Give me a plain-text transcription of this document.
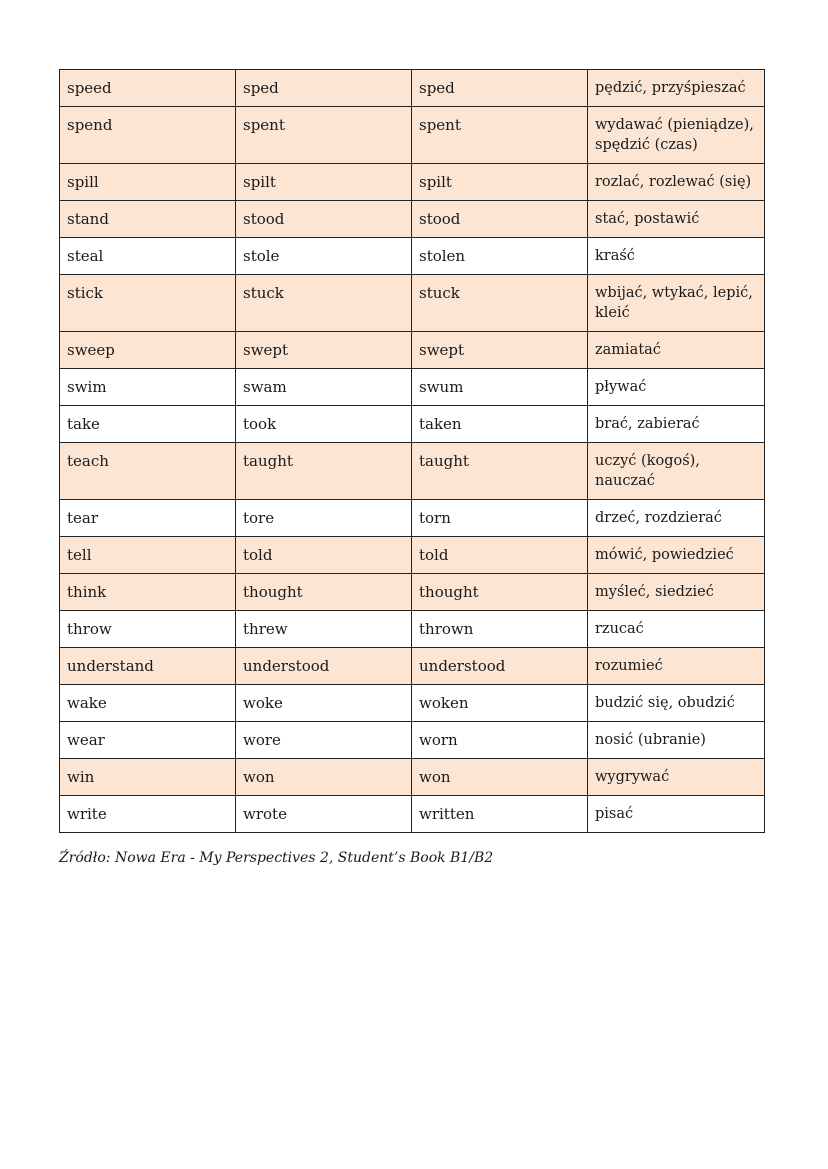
speed	sped	sped	pędzić, przyśpieszać
spend	spent	spent	wydawać (pieniądze), spędzić (czas)
spill	spilt	spilt	rozlać, rozlewać (się)
stand	stood	stood	stać, postawić
steal	stole	stolen	kraść
stick	stuck	stuck	wbijać, wtykać, lepić, kleić
sweep	swept	swept	zamiatać
swim	swam	swum	pływać
take	took	taken	brać, zabierać
teach	taught	taught	uczyć (kogoś), nauczać
tear	tore	torn	drzeć, rozdzierać
tell	told	told	mówić, powiedzieć
think	thought	thought	myśleć, siedzieć
throw	threw	thrown	rzucać
understand	understood	understood	rozumieć
wake	woke	woken	budzić się, obudzić
wear	wore	worn	nosić (ubranie)
win	won	won	wygrywać
write	wrote	written	pisać
Źródło: Nowa Era - My Perspectives 2, Student’s Book B1/B2
